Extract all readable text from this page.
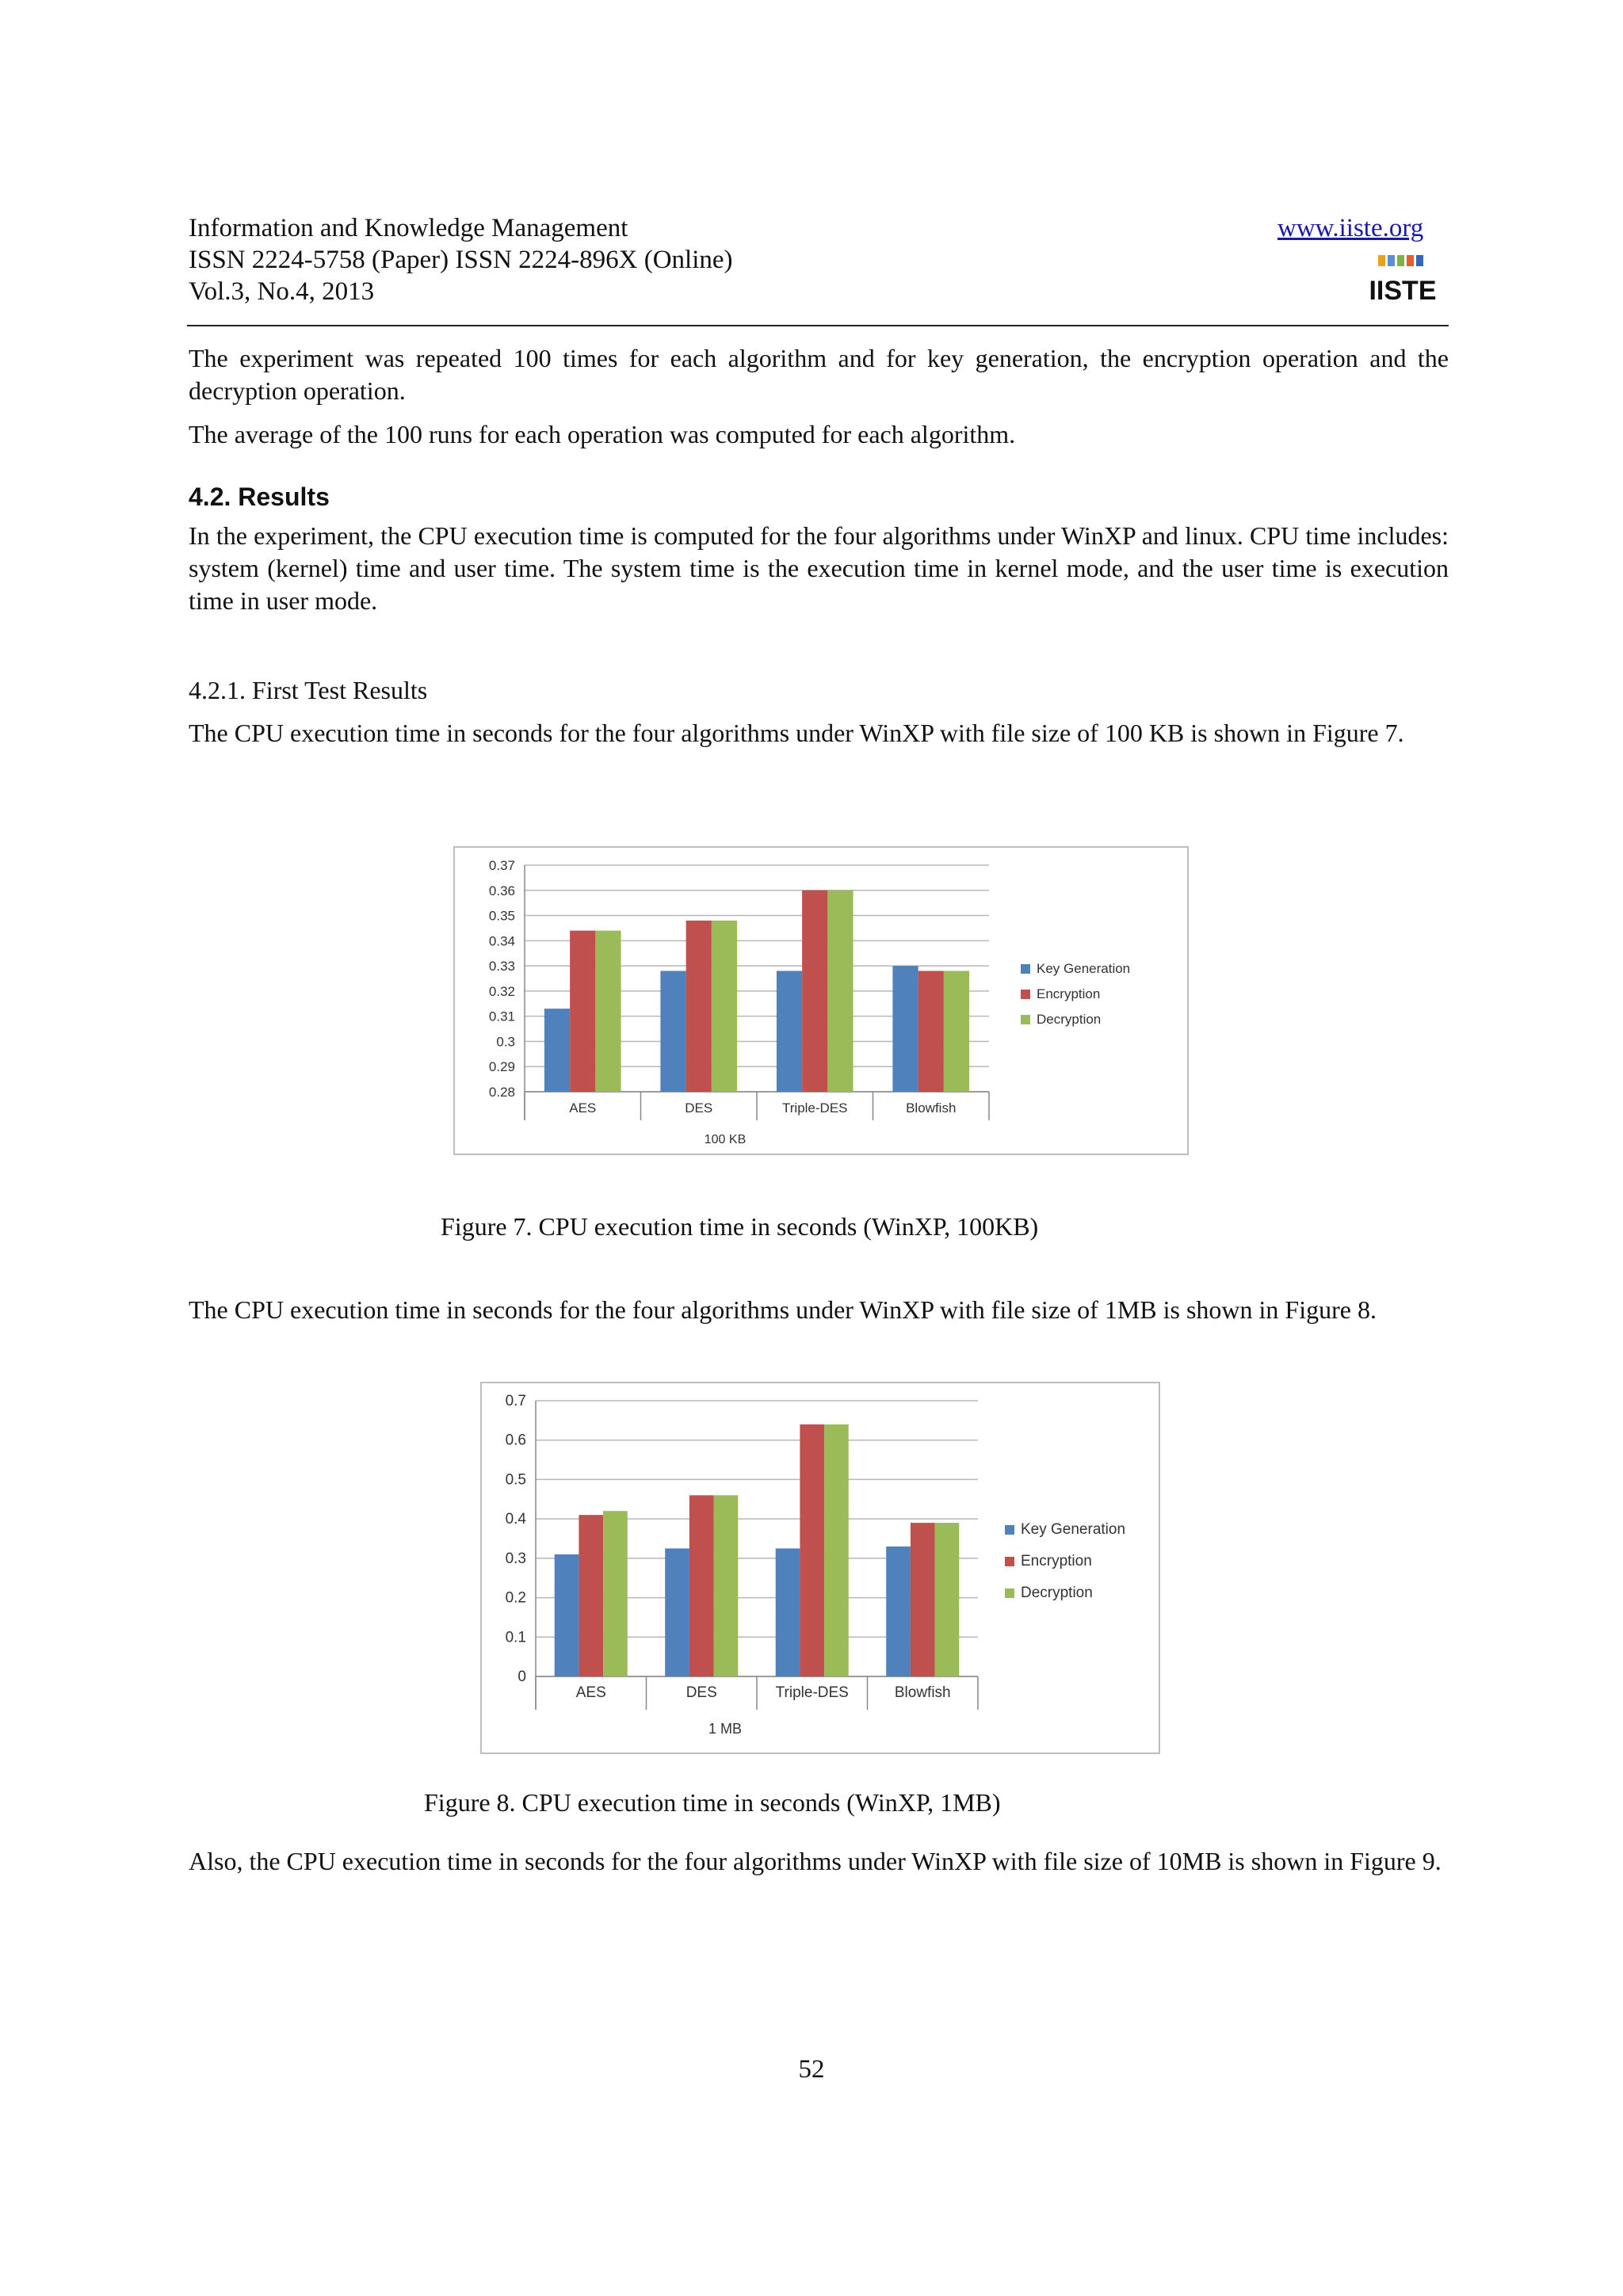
Information and Knowledge Management
ISSN 2224-5758 (Paper) ISSN 2224-896X (Online)
Vol.3, No.4, 2013
www.iiste.org
IISTE
The experiment was repeated 100 times for each algorithm and for key generation, the encryption operation and the decryption operation.
The average of the 100 runs for each operation was computed for each algorithm.
4.2. Results
In the experiment, the CPU execution time is computed for the four algorithms under WinXP and linux. CPU time includes: system (kernel) time and user time. The system time is the execution time in kernel mode, and the user time is execution time in user mode.
4.2.1. First Test Results
The CPU execution time in seconds for the four algorithms under WinXP with file size of 100 KB is shown in Figure 7.
0.28
0.29
0.3
0.31
0.32
0.33
0.34
0.35
0.36
0.37
AES	DES	Triple-DES	Blowfish
100 KB
Key Generation
Encryption
Decryption
Figure 7. CPU execution time in seconds (WinXP, 100KB)
The CPU execution time in seconds for the four algorithms under WinXP with file size of 1MB is shown in Figure 8.
0
0.1
0.2
0.3
0.4
0.5
0.6
0.7
AES	DES	Triple-DES	Blowfish
1 MB
Key Generation
Encryption
Decryption
Figure 8. CPU execution time in seconds (WinXP, 1MB)
Also, the CPU execution time in seconds for the four algorithms under WinXP with file size of 10MB is shown in Figure 9.
52
